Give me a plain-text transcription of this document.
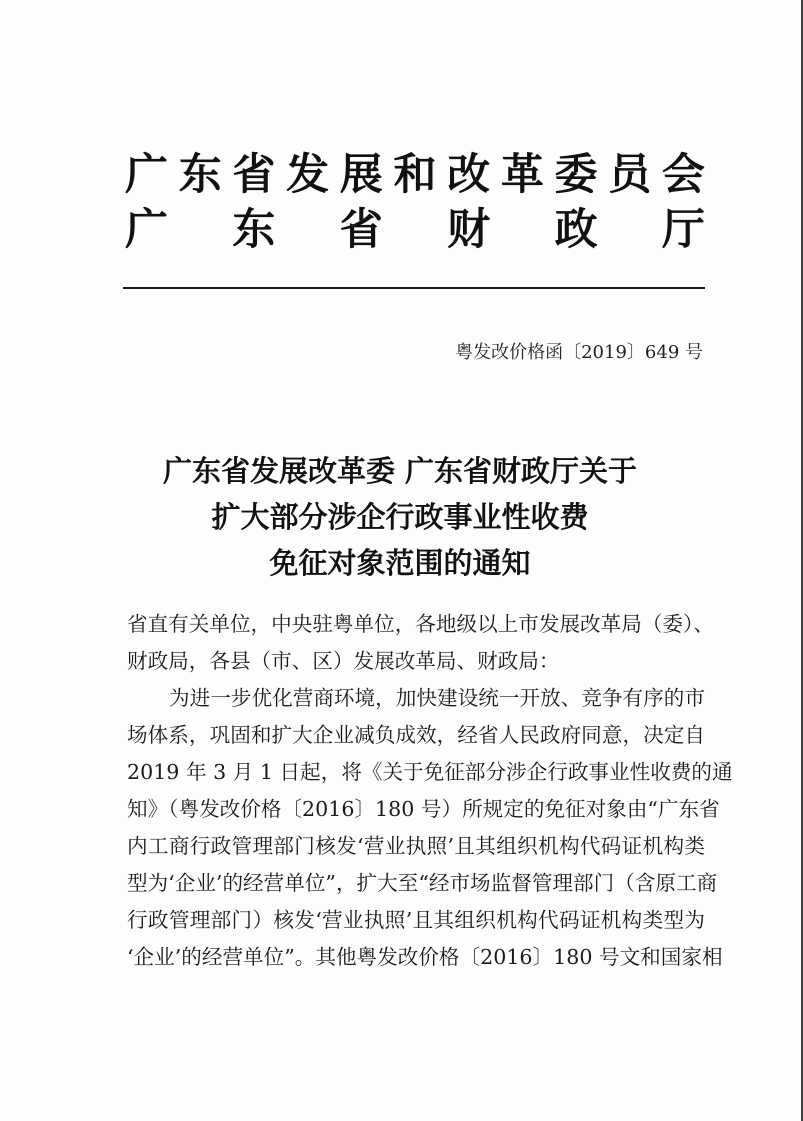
广 东 省 发 展 和 改 革 委 员 会
广 东 省 财 政 厅
粤发改价格函〔2019〕649 号
广东省发展改革委 广东省财政厅关于
扩大部分涉企行政事业性收费
免征对象范围的通知
省直有关单位，中央驻粤单位，各地级以上市发展改革局（委）、
财政局，各县（市、区）发展改革局、财政局：
为进一步优化营商环境，加快建设统一开放、竞争有序的市
场体系，巩固和扩大企业减负成效，经省人民政府同意，决定自
2019 年 3 月 1 日起，将《关于免征部分涉企行政事业性收费的通
知》（粤发改价格〔2016〕180 号）所规定的免征对象由“广东省
内工商行政管理部门核发‘营业执照’且其组织机构代码证机构类
型为‘企业’的经营单位”，扩大至“经市场监督管理部门（含原工商
行政管理部门）核发‘营业执照’且其组织机构代码证机构类型为
‘企业’的经营单位”。其他粤发改价格〔2016〕180 号文和国家相
